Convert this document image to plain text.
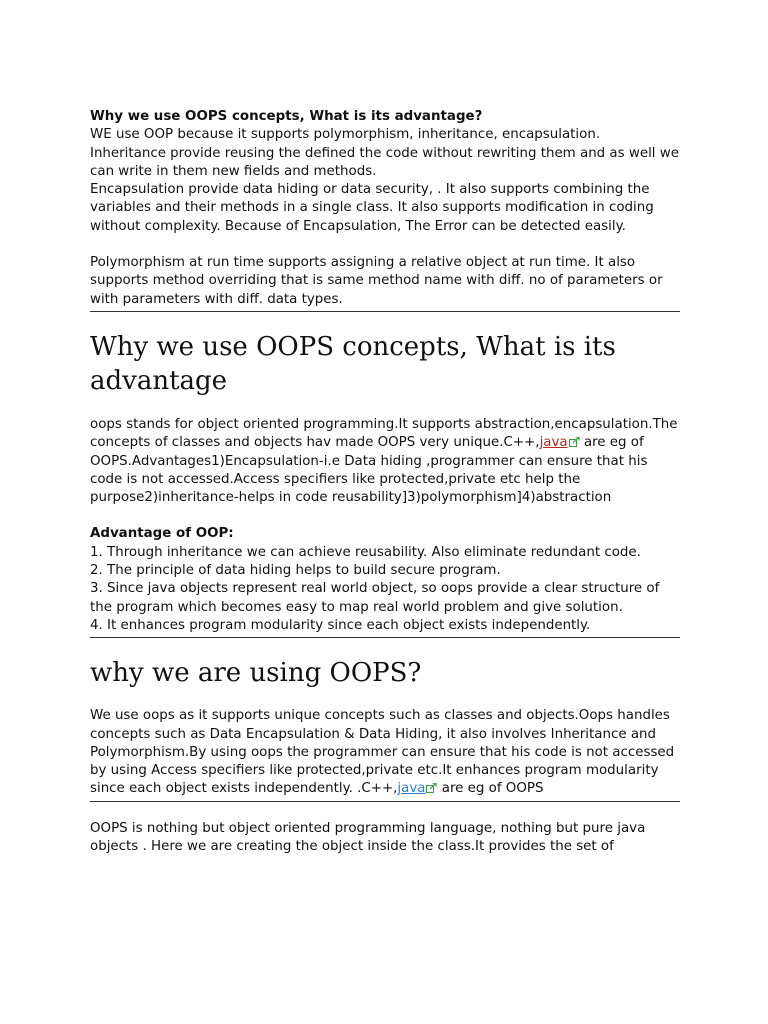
Why we use OOPS concepts, What is its advantage?

WE use OOP because it supports polymorphism, inheritance, encapsulation.

Inheritance provide reusing the defined the code without rewriting them and as well we can write in them new fields and methods.

Encapsulation provide data hiding or data security, . It also supports combining the variables and their methods in a single class. It also supports modification in coding without complexity. Because of Encapsulation, The Error can be detected easily.

Polymorphism at run time supports assigning a relative object at run time. It also supports method overriding that is same method name with diff. no of parameters or with parameters with diff. data types.

Why we use OOPS concepts, What is its advantage

oops stands for object oriented programming.It supports abstraction,encapsulation.The concepts of classes and objects hav made OOPS very unique.C++,java are eg of OOPS.Advantages1)Encapsulation-i.e Data hiding ,programmer can ensure that his code is not accessed.Access specifiers like protected,private etc help the purpose2)inheritance-helps in code reusability]3)polymorphism]4)abstraction

Advantage of OOP:

1. Through inheritance we can achieve reusability. Also eliminate redundant code.
2. The principle of data hiding helps to build secure program.
3. Since java objects represent real world object, so oops provide a clear structure of the program which becomes easy to map real world problem and give solution.
4. It enhances program modularity since each object exists independently.
why we are using OOPS?

We use oops as it supports unique concepts such as classes and objects.Oops handles concepts such as Data Encapsulation & Data Hiding, it also involves Inheritance and Polymorphism.By using oops the programmer can ensure that his code is not accessed by using Access specifiers like protected,private etc.It enhances program modularity since each object exists independently. .C++,java are eg of OOPS

OOPS is nothing but object oriented programming language, nothing but pure java objects . Here we are creating the object inside the class.It provides the set of
